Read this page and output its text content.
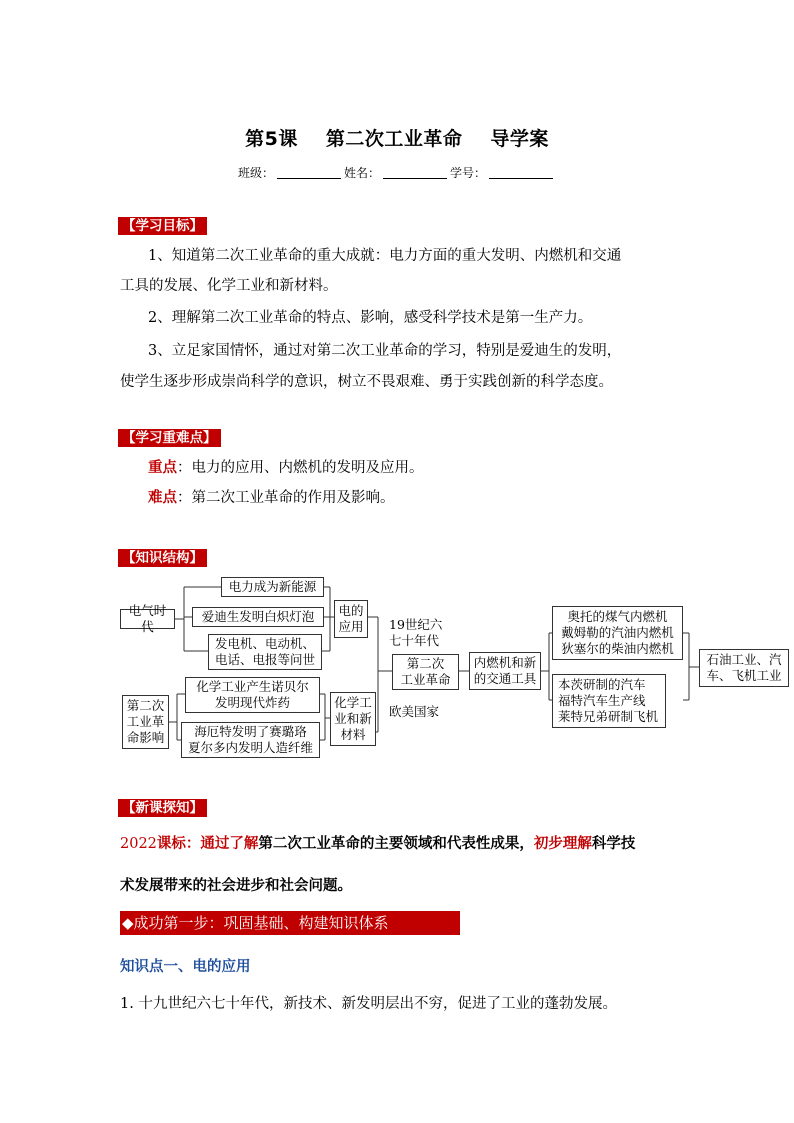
第5课 第二次工业革命 导学案
班级：	姓名：	学号：
【学习目标】
1、知道第二次工业革命的重大成就：电力方面的重大发明、内燃机和交通
工具的发展、化学工业和新材料。
2、理解第二次工业革命的特点、影响，感受科学技术是第一生产力。
3、立足家国情怀，通过对第二次工业革命的学习，特别是爱迪生的发明，
使学生逐步形成崇尚科学的意识，树立不畏艰难、勇于实践创新的科学态度。
【学习重难点】
重点：电力的应用、内燃机的发明及应用。
难点：第二次工业革命的作用及影响。
【知识结构】
电气时代
电力成为新能源
爱迪生发明白炽灯泡
发电机、电动机、
电话、电报等问世
电的
应用 19世纪六
七十年代
第二次
工业革命
欧美国家
内燃机和新
的交通工具
奥托的煤气内燃机
戴姆勒的汽油内燃机
狄塞尔的柴油内燃机
本茨研制的汽车
福特汽车生产线
莱特兄弟研制飞机
石油工业、汽
车、飞机工业
第二次
工业革
命影响
化学工业产生诺贝尔
发明现代炸药
海厄特发明了赛璐珞
夏尔多内发明人造纤维
化学工
业和新
材料
【新课探知】
2022课标：通过了解第二次工业革命的主要领域和代表性成果，初步理解科学技
术发展带来的社会进步和社会问题。
◆成功第一步：巩固基础、构建知识体系
知识点一、电的应用
1. 十九世纪六七十年代，新技术、新发明层出不穷，促进了工业的蓬勃发展。
